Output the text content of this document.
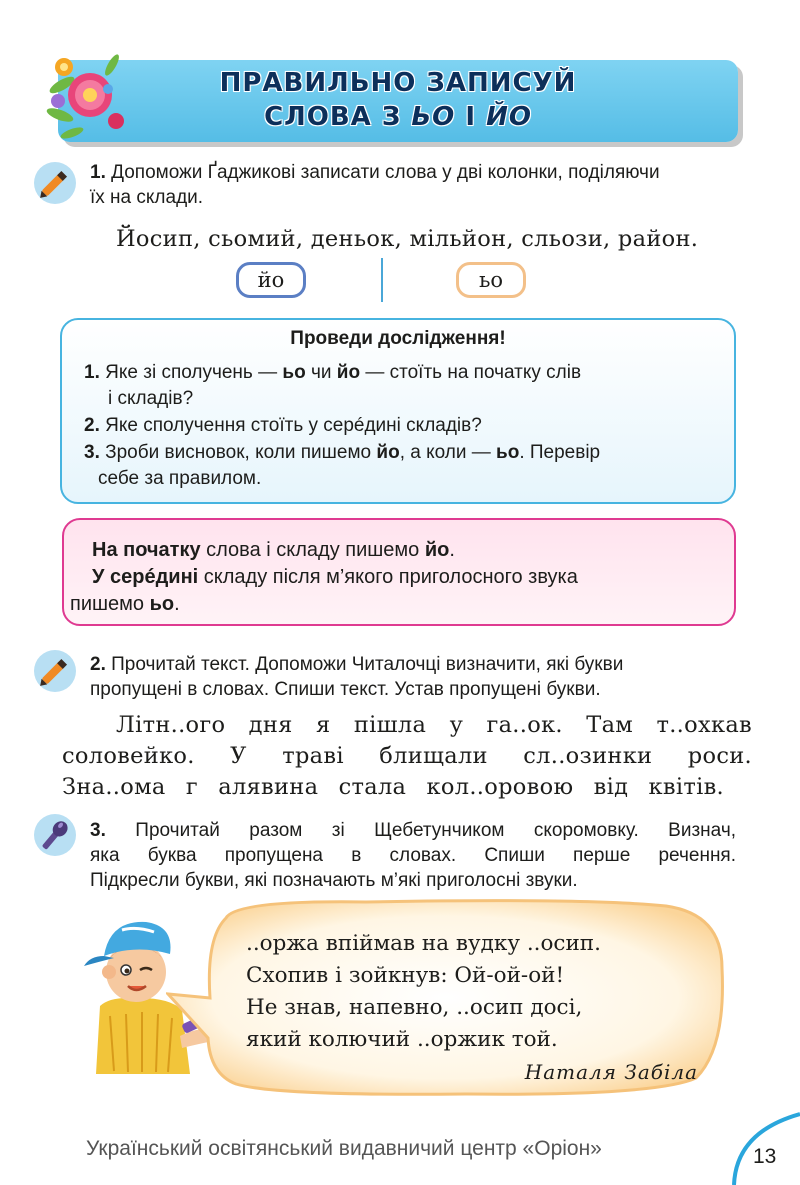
ПРАВИЛЬНО ЗАПИСУЙ
СЛОВА З ЬО І ЙО
1. Допоможи Ґаджикові записати слова у дві колонки, поділяючи
їх на склади.
Йосип, сьомий, деньок, мільйон, сльози, район.
йо	ьо
Проведи дослідження!
1. Яке зі сполучень — ьо чи йо — стоїть на початку слів
і складів?
2. Яке сполучення стоїть у серéдині складів?
3. Зроби висновок, коли пишемо йо, а коли — ьо. Перевір
себе за правилом.
На початку слова і складу пишемо йо.
У серéдині складу після м’якого приголосного звука
пишемо ьо.
2. Прочитай текст. Допоможи Читалочці визначити, які букви
пропущені в словах. Спиши текст. Устав пропущені букви.
Літн..ого дня я пішла у га..ок. Там т..охкав
соловейко. У траві блищали сл..озинки роси.
Зна..ома г алявина стала кол..оровою від квітів.
3. Прочитай разом зі Щебетунчиком скоромовку. Визнач,
яка буква пропущена в словах. Спиши перше речення.
Підкресли букви, які позначають м’які приголосні звуки.
..оржа впіймав на вудку ..осип.
Схопив і зойкнув: Ой-ой-ой!
Не знав, напевно, ..осип досі,
який колючий ..оржик той.
Наталя Забіла
Український освітянський видавничий центр «Оріон»	13
